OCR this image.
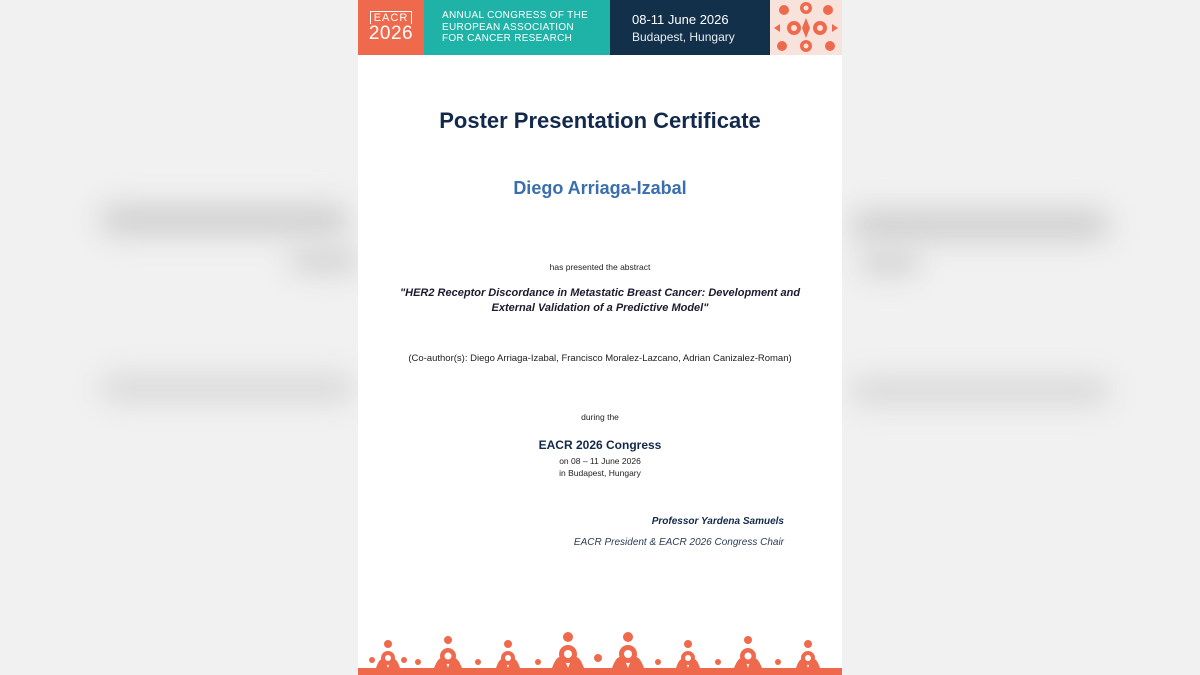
EACR
2026
ANNUAL CONGRESS OF THE
EUROPEAN ASSOCIATION
FOR CANCER RESEARCH
08-11 June 2026
Budapest, Hungary
Poster Presentation Certificate
Diego Arriaga-Izabal
has presented the abstract
"HER2 Receptor Discordance in Metastatic Breast Cancer: Development and External Validation of a Predictive Model"
(Co-author(s): Diego Arriaga-Izabal, Francisco Moralez-Lazcano, Adrian Canizalez-Roman)
during the
EACR 2026 Congress
on 08 – 11 June 2026
in Budapest, Hungary
Professor Yardena Samuels
EACR President & EACR 2026 Congress Chair
